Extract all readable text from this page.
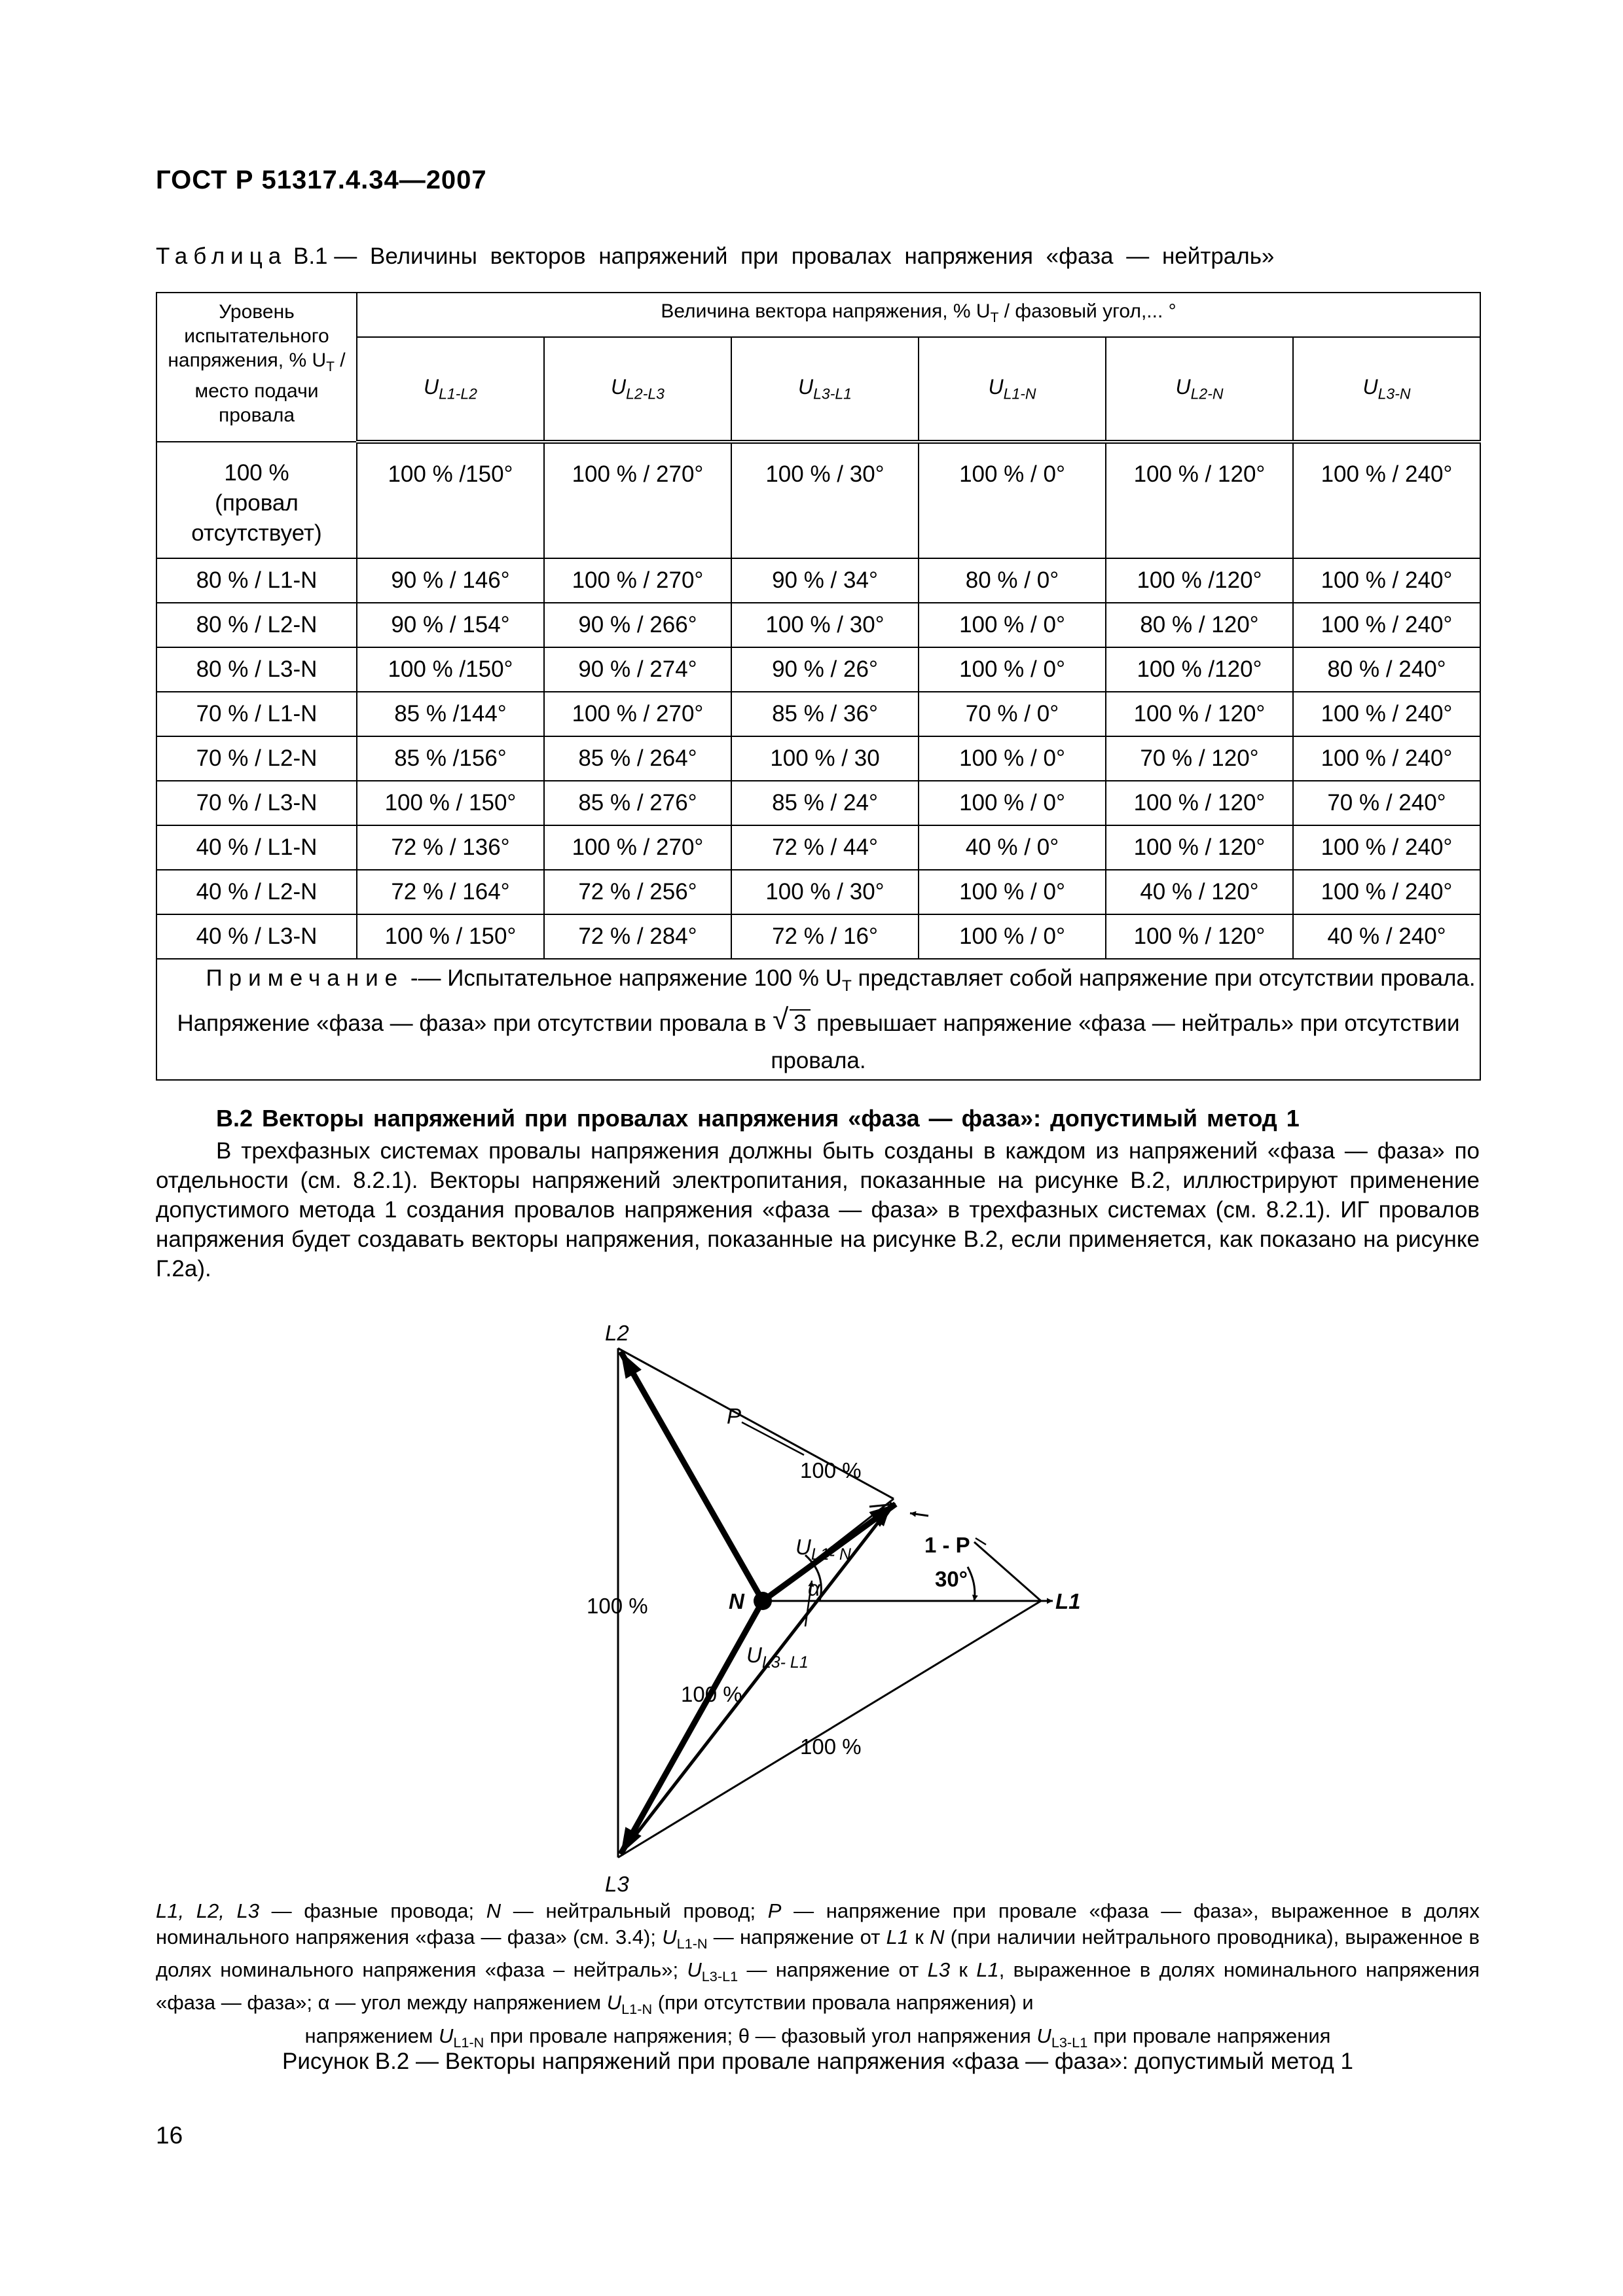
ГОСТ Р 51317.4.34—2007
Таблица
В.1
— Величины векторов напряжений при провалах напряжения «фаза — нейтраль»
Уровень испытательного напряжения, % $U_T$ / место подачи провала	Величина вектора напряжения, % $U_T$ / фазовый угол,... °					
	$U_{L1-L2}$	$U_{L2-L3}$	$U_{L3-L1}$	$U_{L1-N}$	$U_{L2-N}$	$U_{L3-N}$

100 %
(провал
отсутствует)	100 % /150°	100 % / 270°	100 % / 30°	100 % / 0°	100 % / 120°	100 % / 240°
80 % / L1-N	90 % / 146°	100 % / 270°	90 % / 34°	80 % / 0°	100 % /120°	100 % / 240°
80 % / L2-N	90 % / 154°	90 % / 266°	100 % / 30°	100 % / 0°	80 % / 120°	100 % / 240°
80 % / L3-N	100 % /150°	90 % / 274°	90 % / 26°	100 % / 0°	100 % /120°	80 % / 240°
70 % / L1-N	85 % /144°	100 % / 270°	85 % / 36°	70 % / 0°	100 % / 120°	100 % / 240°
70 % / L2-N	85 % /156°	85 % / 264°	100 % / 30	100 % / 0°	70 % / 120°	100 % / 240°
70 % / L3-N	100 % / 150°	85 % / 276°	85 % / 24°	100 % / 0°	100 % / 120°	70 % / 240°
40 % / L1-N	72 % / 136°	100 % / 270°	72 % / 44°	40 % / 0°	100 % / 120°	100 % / 240°
40 % / L2-N	72 % / 164°	72 % / 256°	100 % / 30°	100 % / 0°	40 % / 120°	100 % / 240°
40 % / L3-N	100 % / 150°	72 % / 284°	72 % / 16°	100 % / 0°	100 % / 120°	40 % / 240°
Примечание -— Испытательное напряжение 100 % $U_T$ представляет собой напряжение при отсутствии провала. Напряжение «фаза — фаза» при отсутствии провала в √ 3 превышает напряжение «фаза — нейтраль» при отсутствии провала.						
В.2 Векторы напряжений при провалах напряжения «фаза — фаза»: допустимый метод 1
В трехфазных системах провалы напряжения должны быть созданы в каждом из напряжений «фаза — фаза» по отдельности (см. 8.2.1). Векторы напряжений электропитания, показанные на рисунке В.2, иллюстрируют применение допустимого метода 1 создания провалов напряжения «фаза — фаза» в трехфазных системах (см. 8.2.1). ИГ провалов напряжения будет создавать векторы напряжения, показанные на рисунке В.2, если применяется, как показано на рисунке Г.2а).
L2
L3
L1
N
P
100 %
100 %
100 %
100 %
1 - P
30°
α
$U_{L1- N}$
$U_{L3- L1}$
L1, L2, L3 — фазные провода; N — нейтральный провод; P — напряжение при провале «фаза — фаза», выраженное в долях номинального напряжения «фаза — фаза» (см. 3.4); $U_{L1-N}$ — напряжение от L1 к N (при наличии нейтрального проводника), выраженное в долях номинального напряжения «фаза – нейтраль»; $U_{L3-L1}$ — напряжение от L3 к L1, выраженное в долях номинального напряжения «фаза — фаза»; α — угол между напряжением $U_{L1-N}$ (при отсутствии провала напряжения) и
напряжением $U_{L1-N}$ при провале напряжения; θ — фазовый угол напряжения $U_{L3-L1}$ при провале напряжения
Рисунок В.2 — Векторы напряжений при провале напряжения «фаза — фаза»: допустимый метод 1
16
